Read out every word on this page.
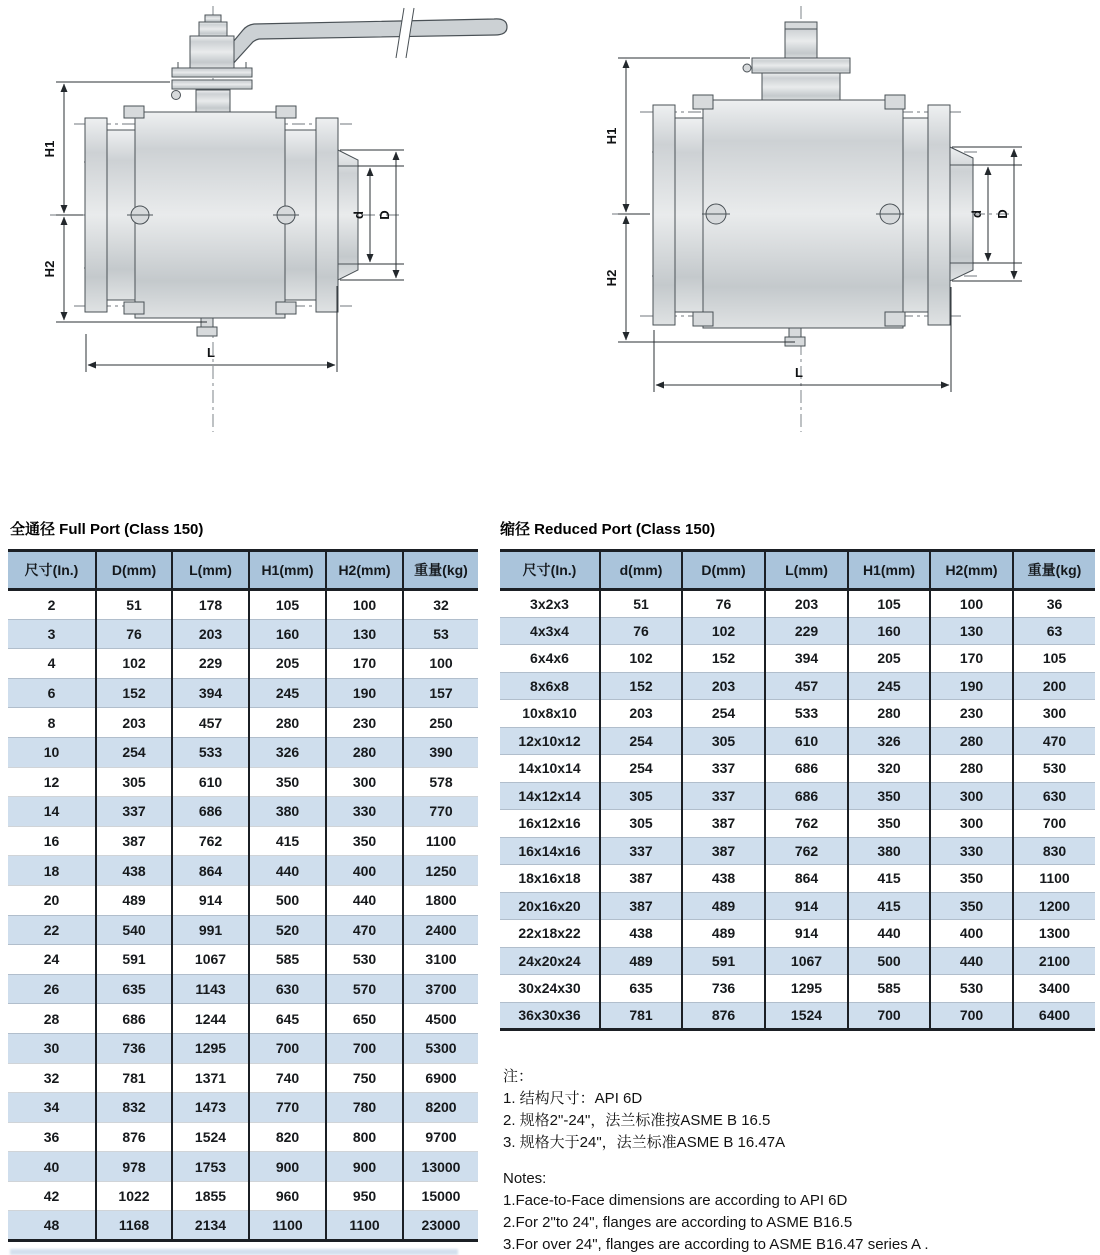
H1
H2
d D
L
H1
H2
d D
L
全通径 Full Port (Class 150)	缩径 Reduced Port (Class 150)
尺寸(In.)	D(mm)	L(mm)	H1(mm)	H2(mm)	重量(kg)
2	51	178	105	100	32
3	76	203	160	130	53
4	102	229	205	170	100
6	152	394	245	190	157
8	203	457	280	230	250
10	254	533	326	280	390
12	305	610	350	300	578
14	337	686	380	330	770
16	387	762	415	350	1100
18	438	864	440	400	1250
20	489	914	500	440	1800
22	540	991	520	470	2400
24	591	1067	585	530	3100
26	635	1143	630	570	3700
28	686	1244	645	650	4500
30	736	1295	700	700	5300
32	781	1371	740	750	6900
34	832	1473	770	780	8200
36	876	1524	820	800	9700
40	978	1753	900	900	13000
42	1022	1855	960	950	15000
48	1168	2134	1100	1100	23000
尺寸(In.)	d(mm)	D(mm)	L(mm)	H1(mm)	H2(mm)	重量(kg)
3x2x3	51	76	203	105	100	36
4x3x4	76	102	229	160	130	63
6x4x6	102	152	394	205	170	105
8x6x8	152	203	457	245	190	200
10x8x10	203	254	533	280	230	300
12x10x12	254	305	610	326	280	470
14x10x14	254	337	686	320	280	530
14x12x14	305	337	686	350	300	630
16x12x16	305	387	762	350	300	700
16x14x16	337	387	762	380	330	830
18x16x18	387	438	864	415	350	1100
20x16x20	387	489	914	415	350	1200
22x18x22	438	489	914	440	400	1300
24x20x24	489	591	1067	500	440	2100
30x24x30	635	736	1295	585	530	3400
36x30x36	781	876	1524	700	700	6400
注：
1. 结构尺寸：API 6D
2. 规格2"-24"，法兰标准按ASME B 16.5
3. 规格大于24"，法兰标准ASME B 16.47A
Notes:
1.Face-to-Face dimensions are according to API 6D
2.For 2"to 24", flanges are according to ASME B16.5
3.For over 24", flanges are according to ASME B16.47 series A .
